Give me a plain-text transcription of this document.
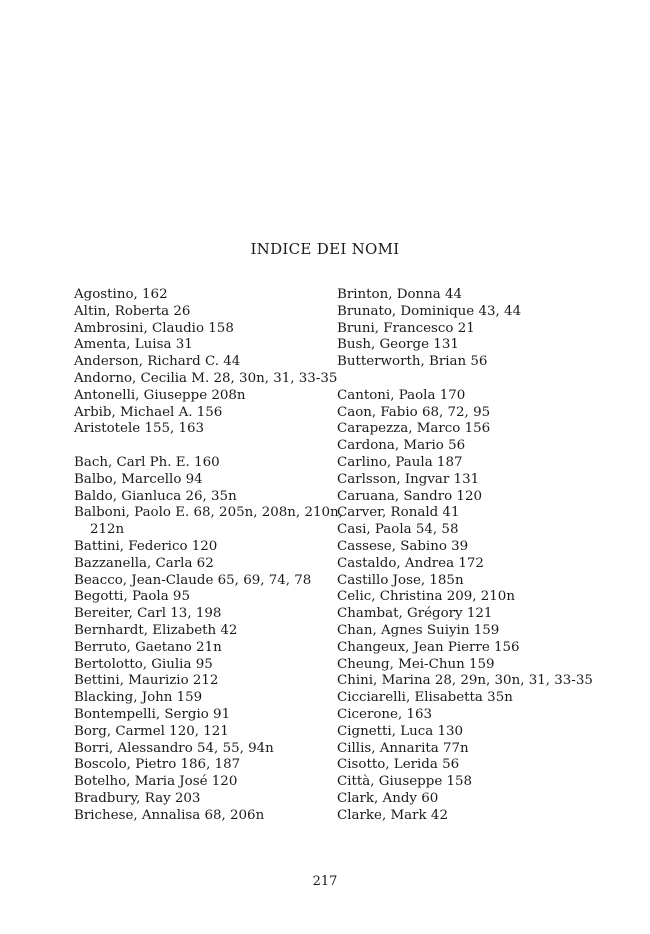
INDICE DEI NOMI
Agostino, 162
Altin, Roberta 26
Ambrosini, Claudio 158
Amenta, Luisa 31
Anderson, Richard C. 44
Andorno, Cecilia M. 28, 30n, 31, 33-35
Antonelli, Giuseppe 208n
Arbib, Michael A. 156
Aristotele 155, 163
Bach, Carl Ph. E. 160
Balbo, Marcello 94
Baldo, Gianluca 26, 35n
Balboni, Paolo E. 68, 205n, 208n, 210n,
212n
Battini, Federico 120
Bazzanella, Carla 62
Beacco, Jean-Claude 65, 69, 74, 78
Begotti, Paola 95
Bereiter, Carl 13, 198
Bernhardt, Elizabeth 42
Berruto, Gaetano 21n
Bertolotto, Giulia 95
Bettini, Maurizio 212
Blacking, John 159
Bontempelli, Sergio 91
Borg, Carmel 120, 121
Borri, Alessandro 54, 55, 94n
Boscolo, Pietro 186, 187
Botelho, Maria José 120
Bradbury, Ray 203
Brichese, Annalisa 68, 206n
Brinton, Donna 44
Brunato, Dominique 43, 44
Bruni, Francesco 21
Bush, George 131
Butterworth, Brian 56
Cantoni, Paola 170
Caon, Fabio 68, 72, 95
Carapezza, Marco 156
Cardona, Mario 56
Carlino, Paula 187
Carlsson, Ingvar 131
Caruana, Sandro 120
Carver, Ronald 41
Casi, Paola 54, 58
Cassese, Sabino 39
Castaldo, Andrea 172
Castillo Jose, 185n
Celic, Christina 209, 210n
Chambat, Grégory 121
Chan, Agnes Suiyin 159
Changeux, Jean Pierre 156
Cheung, Mei-Chun 159
Chini, Marina 28, 29n, 30n, 31, 33-35
Cicciarelli, Elisabetta 35n
Cicerone, 163
Cignetti, Luca 130
Cillis, Annarita 77n
Cisotto, Lerida 56
Città, Giuseppe 158
Clark, Andy 60
Clarke, Mark 42
217
